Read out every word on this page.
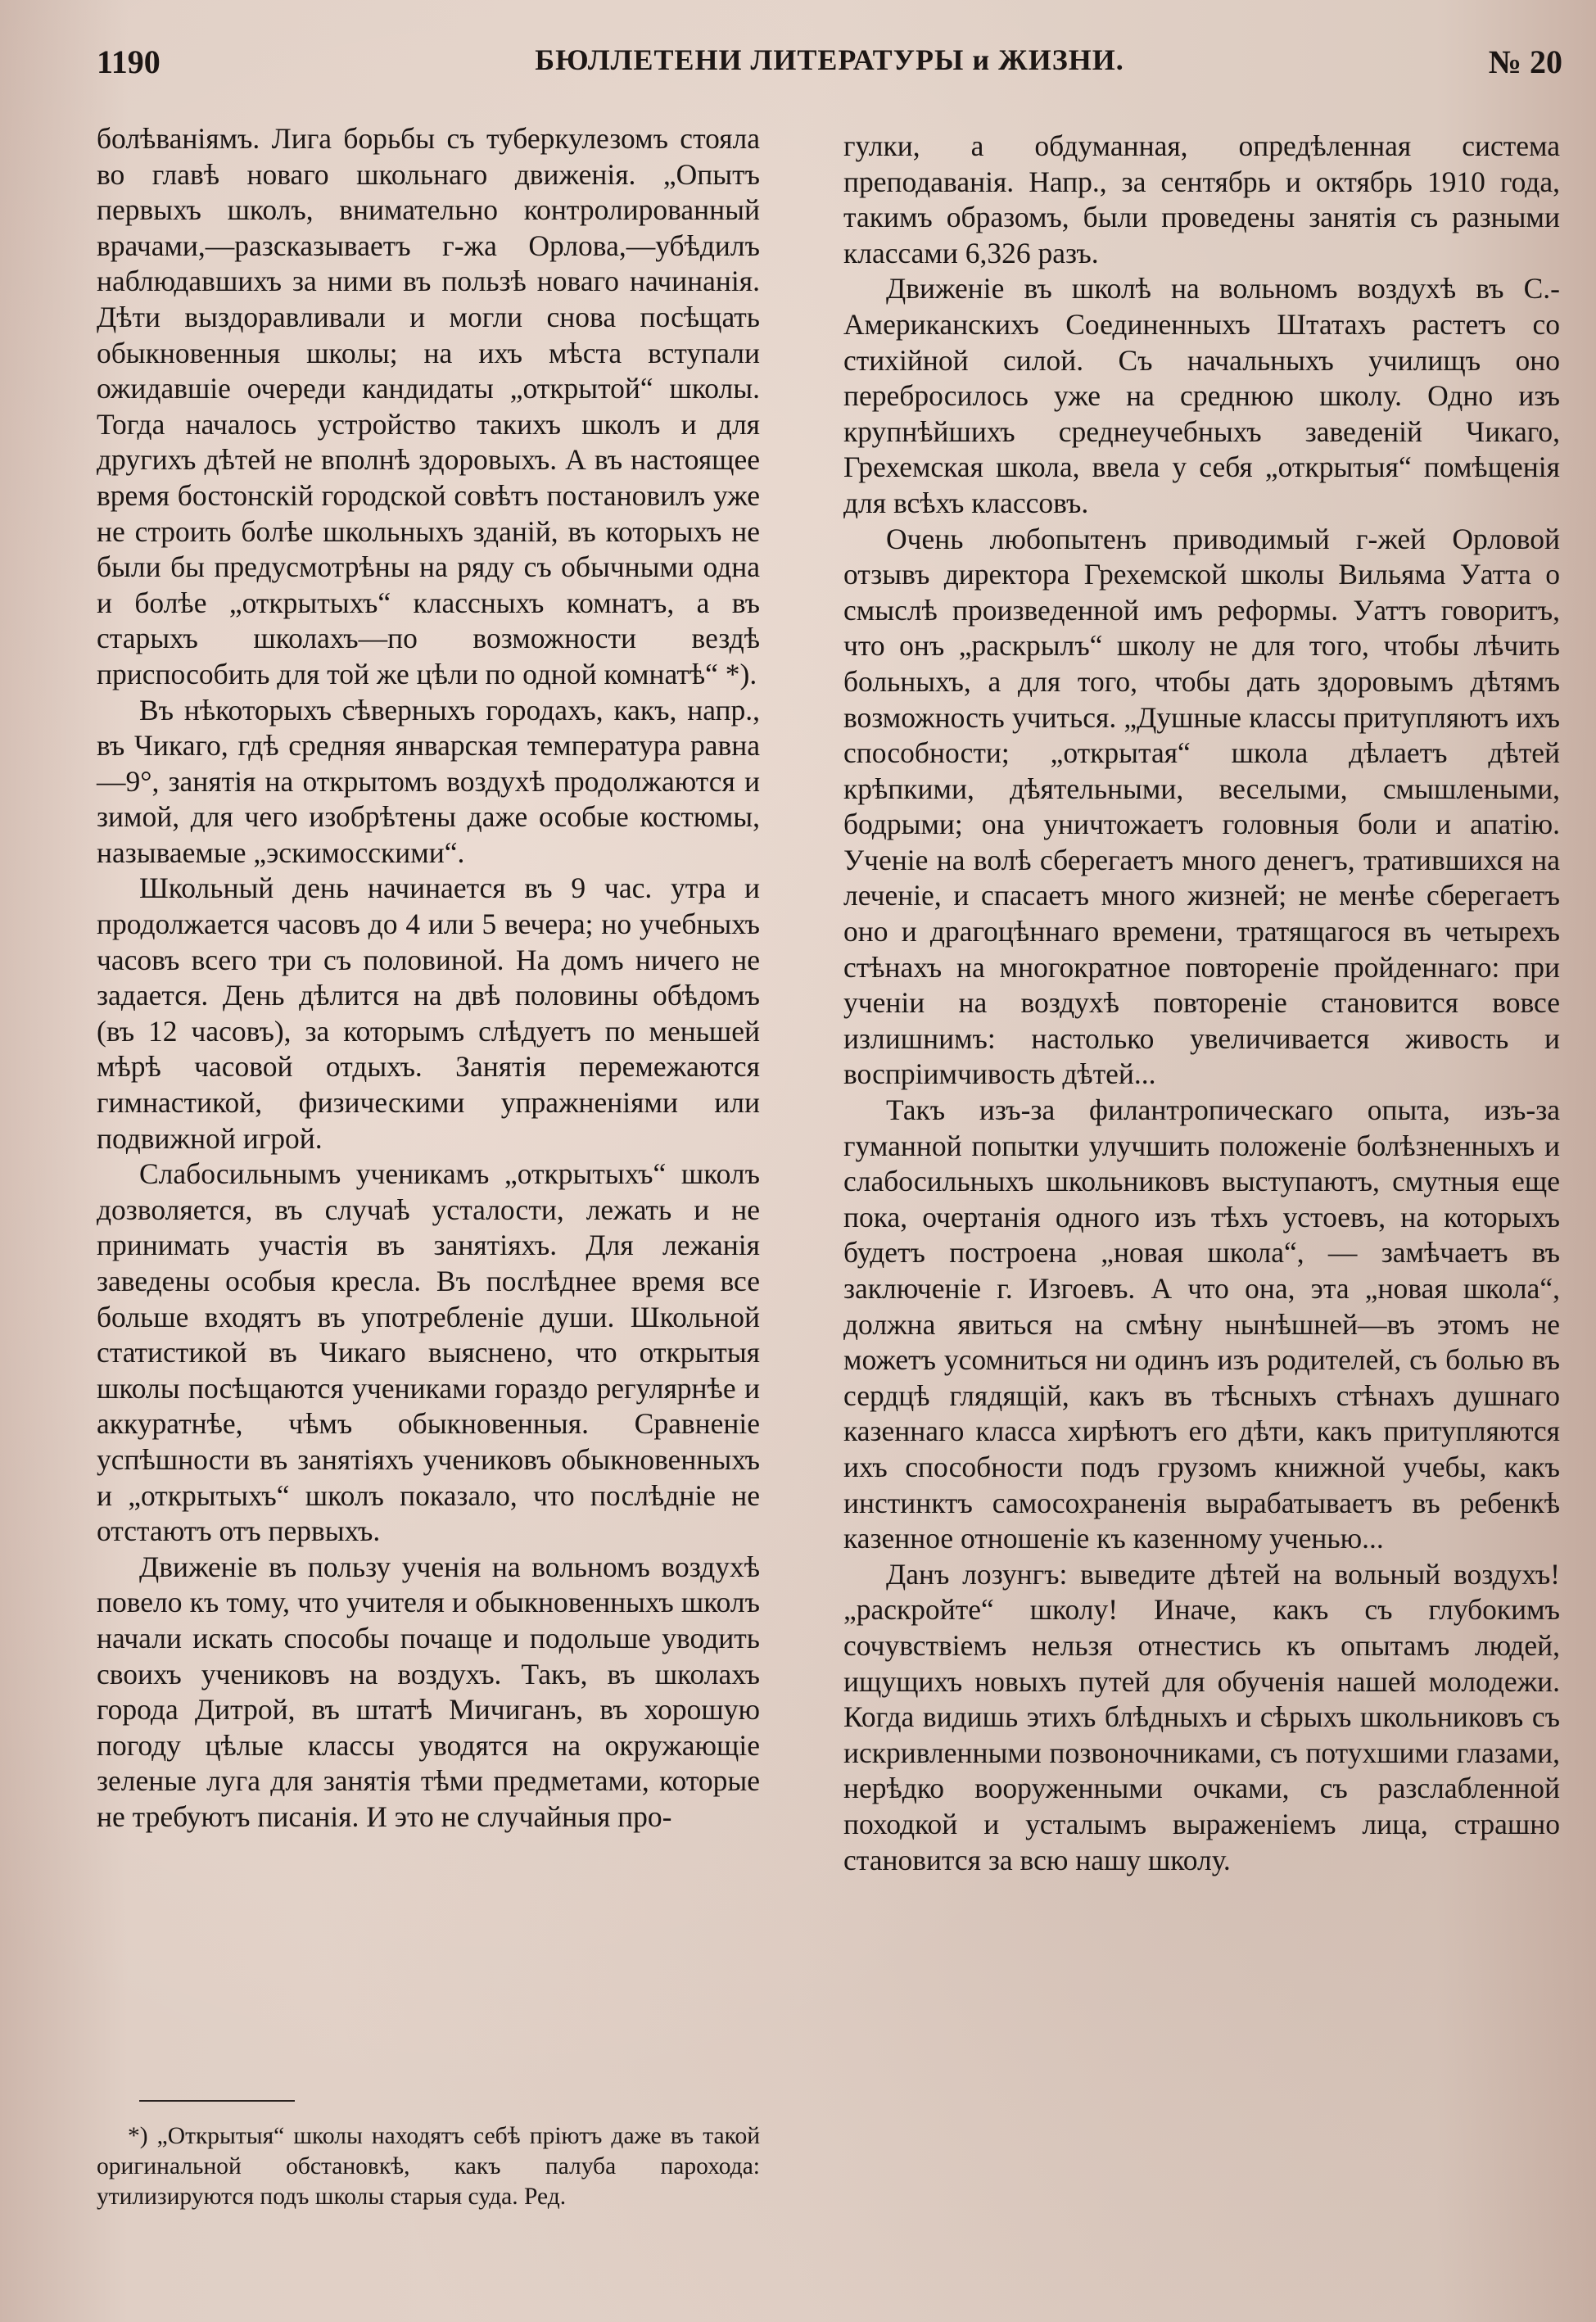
1190	БЮЛЛЕТЕНИ ЛИТЕРАТУРЫ и ЖИЗНИ.	№ 20

болѣваніямъ. Лига борьбы съ туберкулезомъ стояла во главѣ новаго школьнаго движенія. „Опытъ первыхъ школъ, внимательно контролированный врачами,—разсказываетъ г-жа Орлова,—убѣдилъ наблюдавшихъ за ними въ пользѣ новаго начинанія. Дѣти выздоравливали и могли снова посѣщать обыкновенныя школы; на ихъ мѣста вступали ожидавшіе очереди кандидаты „открытой“ школы. Тогда началось устройство такихъ школъ и для другихъ дѣтей не вполнѣ здоровыхъ. А въ настоящее время бостонскій городской совѣтъ постановилъ уже не строить болѣе школьныхъ зданій, въ которыхъ не были бы предусмотрѣны на ряду съ обычными одна и болѣе „открытыхъ“ классныхъ комнатъ, а въ старыхъ школахъ—по возможности вездѣ приспособить для той же цѣли по одной комнатѣ“ *).

Въ нѣкоторыхъ сѣверныхъ городахъ, какъ, напр., въ Чикаго, гдѣ средняя январская температура равна—9°, занятія на открытомъ воздухѣ продолжаются и зимой, для чего изобрѣтены даже особые костюмы, называемые „эскимосскими“.

Школьный день начинается въ 9 час. утра и продолжается часовъ до 4 или 5 вечера; но учебныхъ часовъ всего три съ половиной. На домъ ничего не задается. День дѣлится на двѣ половины обѣдомъ (въ 12 часовъ), за которымъ слѣдуетъ по меньшей мѣрѣ часовой отдыхъ. Занятія перемежаются гимнастикой, физическими упражненіями или подвижной игрой.

Слабосильнымъ ученикамъ „открытыхъ“ школъ дозволяется, въ случаѣ усталости, лежать и не принимать участія въ занятіяхъ. Для лежанія заведены особыя кресла. Въ послѣднее время все больше входятъ въ употребленіе души. Школьной статистикой въ Чикаго выяснено, что открытыя школы посѣщаются учениками гораздо регулярнѣе и аккуратнѣе, чѣмъ обыкновенныя. Сравненіе успѣшности въ занятіяхъ учениковъ обыкновенныхъ и „открытыхъ“ школъ показало, что послѣдніе не отстаютъ отъ первыхъ.

Движеніе въ пользу ученія на вольномъ воздухѣ повело къ тому, что учителя и обыкновенныхъ школъ начали искать способы почаще и подольше уводить своихъ учениковъ на воздухъ. Такъ, въ школахъ города Дитрой, въ штатѣ Мичиганъ, въ хорошую погоду цѣлые классы уводятся на окружающіе зеленые луга для занятія тѣми предметами, которые не требуютъ писанія. И это не случайныя про-

*) „Открытыя“ школы находятъ себѣ пріютъ даже въ такой оригинальной обстановкѣ, какъ палуба парохода: утилизируются подъ школы старыя суда. Ред.

гулки, а обдуманная, опредѣленная система преподаванія. Напр., за сентябрь и октябрь 1910 года, такимъ образомъ, были проведены занятія съ разными классами 6,326 разъ.

Движеніе въ школѣ на вольномъ воздухѣ въ С.-Американскихъ Соединенныхъ Штатахъ растетъ со стихійной силой. Съ начальныхъ училищъ оно перебросилось уже на среднюю школу. Одно изъ крупнѣйшихъ среднеучебныхъ заведеній Чикаго, Грехемская школа, ввела у себя „открытыя“ помѣщенія для всѣхъ классовъ.

Очень любопытенъ приводимый г-жей Орловой отзывъ директора Грехемской школы Вильяма Уатта о смыслѣ произведенной имъ реформы. Уаттъ говоритъ, что онъ „раскрылъ“ школу не для того, чтобы лѣчить больныхъ, а для того, чтобы дать здоровымъ дѣтямъ возможность учиться. „Душные классы притупляютъ ихъ способности; „открытая“ школа дѣлаетъ дѣтей крѣпкими, дѣятельными, веселыми, смышлеными, бодрыми; она уничтожаетъ головныя боли и апатію. Ученіе на волѣ сберегаетъ много денегъ, тратившихся на леченіе, и спасаетъ много жизней; не менѣе сберегаетъ оно и драгоцѣннаго времени, тратящагося въ четырехъ стѣнахъ на многократное повтореніе пройденнаго: при ученіи на воздухѣ повтореніе становится вовсе излишнимъ: настолько увеличивается живость и воспріимчивость дѣтей...

Такъ изъ-за филантропическаго опыта, изъ-за гуманной попытки улучшить положеніе болѣзненныхъ и слабосильныхъ школьниковъ выступаютъ, смутныя еще пока, очертанія одного изъ тѣхъ устоевъ, на которыхъ будетъ построена „новая школа“, — замѣчаетъ въ заключеніе г. Изгоевъ. А что она, эта „новая школа“, должна явиться на смѣну нынѣшней—въ этомъ не можетъ усомниться ни одинъ изъ родителей, съ болью въ сердцѣ глядящій, какъ въ тѣсныхъ стѣнахъ душнаго казеннаго класса хирѣютъ его дѣти, какъ притупляются ихъ способности подъ грузомъ книжной учебы, какъ инстинктъ самосохраненія вырабатываетъ въ ребенкѣ казенное отношеніе къ казенному ученью...

Данъ лозунгъ: выведите дѣтей на вольный воздухъ! „раскройте“ школу! Иначе, какъ съ глубокимъ сочувствіемъ нельзя отнестись къ опытамъ людей, ищущихъ новыхъ путей для обученія нашей молодежи. Когда видишь этихъ блѣдныхъ и сѣрыхъ школьниковъ съ искривленными позвоночниками, съ потухшими глазами, нерѣдко вооруженными очками, съ разслабленной походкой и усталымъ выраженіемъ лица, страшно становится за всю нашу школу.
